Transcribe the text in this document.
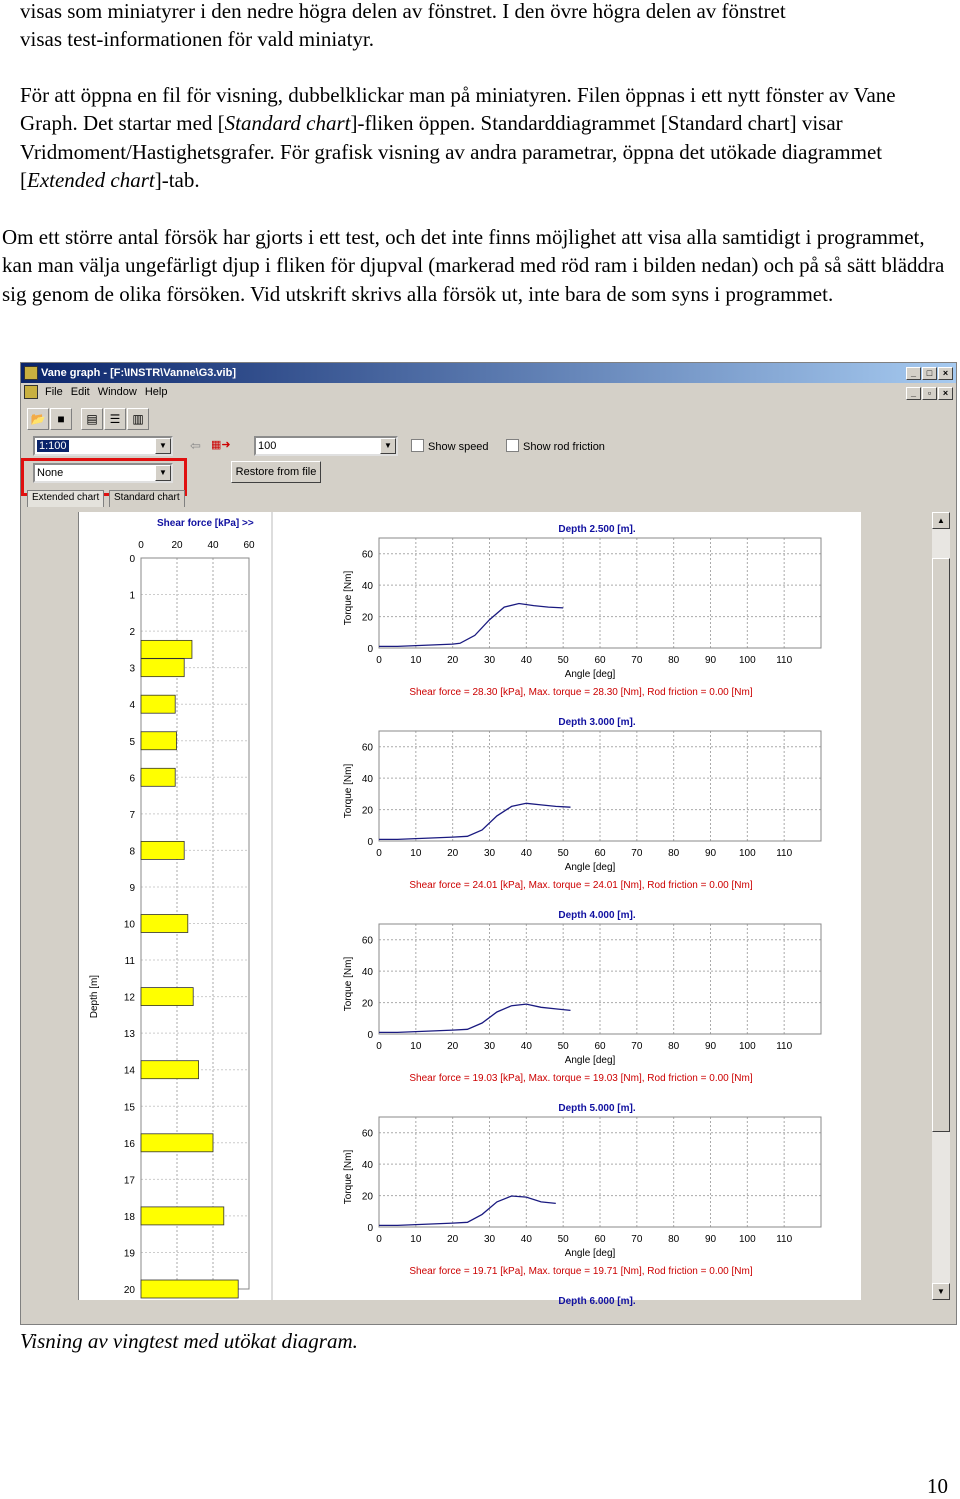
visas som miniatyrer i den nedre högra delen av fönstret. I den övre högra delen av fönstret
visas test-informationen för vald miniatyr.

För att öppna en fil för visning, dubbelklickar man på miniatyren. Filen öppnas i ett nytt fönster av Vane Graph. Det startar med [Standard chart]-fliken öppen. Standarddiagrammet [Standard chart] visar Vridmoment/Hastighetsgrafer. För grafisk visning av andra parametrar, öppna det utökade diagrammet [Extended chart]-tab.

Om ett större antal försök har gjorts i ett test, och det inte finns möjlighet att visa alla samtidigt i programmet, kan man välja ungefärligt djup i fliken för djupval (markerad med röd ram i bilden nedan) och på så sätt bläddra sig genom de olika försöken. Vid utskrift skrivs alla försök ut, inte bara de som syns i programmet.

Vane graph - [F:\INSTR\Vanne\G3.vib]	_	□	×
File Edit Window Help	_	▫	×
📂 ■	▤ ☰ ▥
1:100	▼	⇦ ▦➜	100	▼	Show speed	Show rod friction
None	▼	Restore from file
Extended chart	Standard chart
Shear force [kPa] >>
0	20 40 60
0
1
2
3
4
5
6
7
8
9
10
11
12
13
14
15
16
17
18
19
20
Depth [m]
Depth 2.500 [m].
0	10	20	30	40	50	60	70	80	90 100 110
0
20
40
60
Torque [Nm]
Angle [deg]
Shear force = 28.30 [kPa], Max. torque = 28.30 [Nm], Rod friction = 0.00 [Nm]
Depth 3.000 [m].
0	10	20	30	40	50	60	70	80	90 100 110
0
20
40
60
Torque [Nm]
Angle [deg]
Shear force = 24.01 [kPa], Max. torque = 24.01 [Nm], Rod friction = 0.00 [Nm]
Depth 4.000 [m].
0	10	20	30	40	50	60	70	80	90 100 110
0
20
40
60
Torque [Nm]
Angle [deg]
Shear force = 19.03 [kPa], Max. torque = 19.03 [Nm], Rod friction = 0.00 [Nm]
Depth 5.000 [m].
0	10	20	30	40	50	60	70	80	90 100 110
0
20
40
60
Torque [Nm]
Angle [deg]
Shear force = 19.71 [kPa], Max. torque = 19.71 [Nm], Rod friction = 0.00 [Nm]
Depth 6.000 [m].
▲
▼
Visning av vingtest med utökat diagram.
10
